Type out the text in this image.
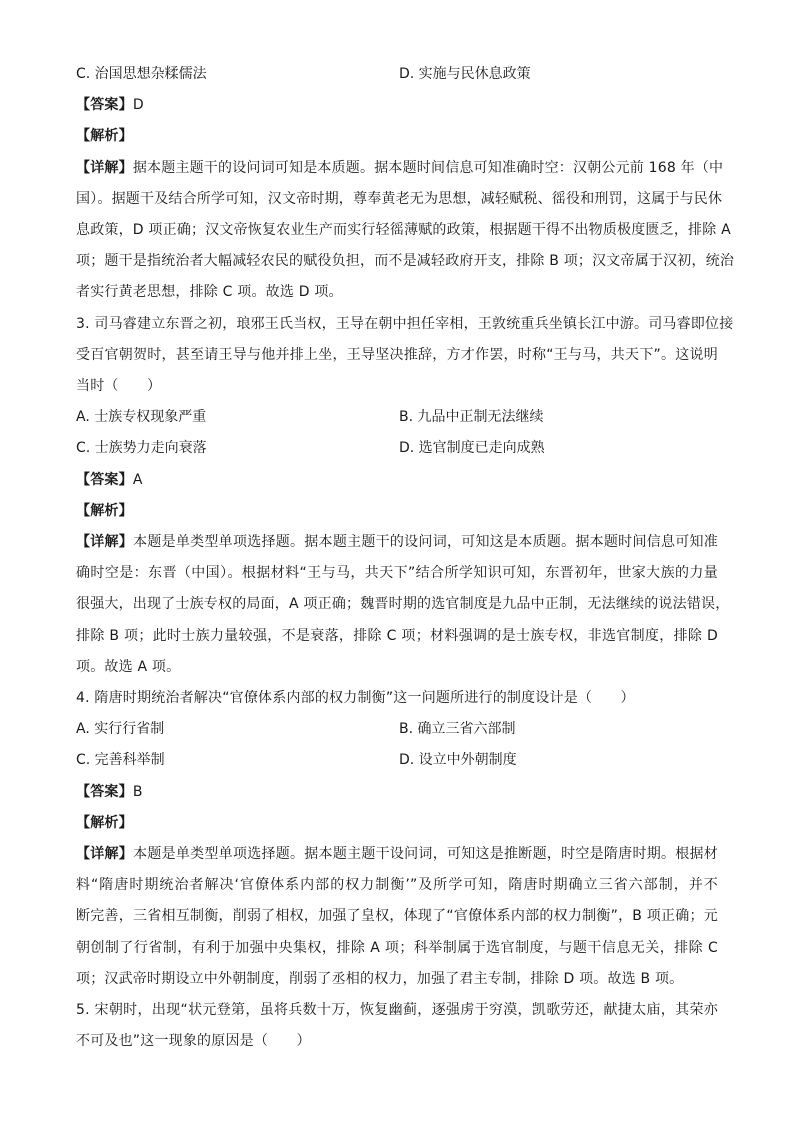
C. 治国思想杂糅儒法	D. 实施与民休息政策
【答案】D
【解析】
【详解】据本题主题干的设问词可知是本质题。据本题时间信息可知准确时空：汉朝公元前 168 年（中
国）。据题干及结合所学可知，汉文帝时期，尊奉黄老无为思想，减轻赋税、徭役和刑罚，这属于与民休
息政策，D 项正确；汉文帝恢复农业生产而实行轻徭薄赋的政策，根据题干得不出物质极度匮乏，排除 A
项；题干是指统治者大幅减轻农民的赋役负担，而不是减轻政府开支，排除 B 项；汉文帝属于汉初，统治
者实行黄老思想，排除 C 项。故选 D 项。
3. 司马睿建立东晋之初，琅邪王氏当权，王导在朝中担任宰相，王敦统重兵坐镇长江中游。司马睿即位接
受百官朝贺时，甚至请王导与他并排上坐，王导坚决推辞，方才作罢，时称“王与马，共天下”。这说明
当时（　　）
A. 士族专权现象严重	B. 九品中正制无法继续
C. 士族势力走向衰落	D. 选官制度已走向成熟
【答案】A
【解析】
【详解】本题是单类型单项选择题。据本题主题干的设问词，可知这是本质题。据本题时间信息可知准
确时空是：东晋（中国）。根据材料“王与马，共天下”结合所学知识可知，东晋初年，世家大族的力量
很强大，出现了士族专权的局面，A 项正确；魏晋时期的选官制度是九品中正制，无法继续的说法错误，
排除 B 项；此时士族力量较强，不是衰落，排除 C 项；材料强调的是士族专权，非选官制度，排除 D
项。故选 A 项。
4. 隋唐时期统治者解决“官僚体系内部的权力制衡”这一问题所进行的制度设计是（　　）
A. 实行行省制	B. 确立三省六部制
C. 完善科举制	D. 设立中外朝制度
【答案】B
【解析】
【详解】本题是单类型单项选择题。据本题主题干设问词，可知这是推断题，时空是隋唐时期。根据材
料“隋唐时期统治者解决‘官僚体系内部的权力制衡’”及所学可知，隋唐时期确立三省六部制，并不
断完善，三省相互制衡，削弱了相权，加强了皇权，体现了“官僚体系内部的权力制衡”，B 项正确；元
朝创制了行省制，有利于加强中央集权，排除 A 项；科举制属于选官制度，与题干信息无关，排除 C
项；汉武帝时期设立中外朝制度，削弱了丞相的权力，加强了君主专制，排除 D 项。故选 B 项。
5. 宋朝时，出现“状元登第，虽将兵数十万，恢复幽蓟，逐强虏于穷漠，凯歌劳还，献捷太庙，其荣亦
不可及也”这一现象的原因是（　　）
